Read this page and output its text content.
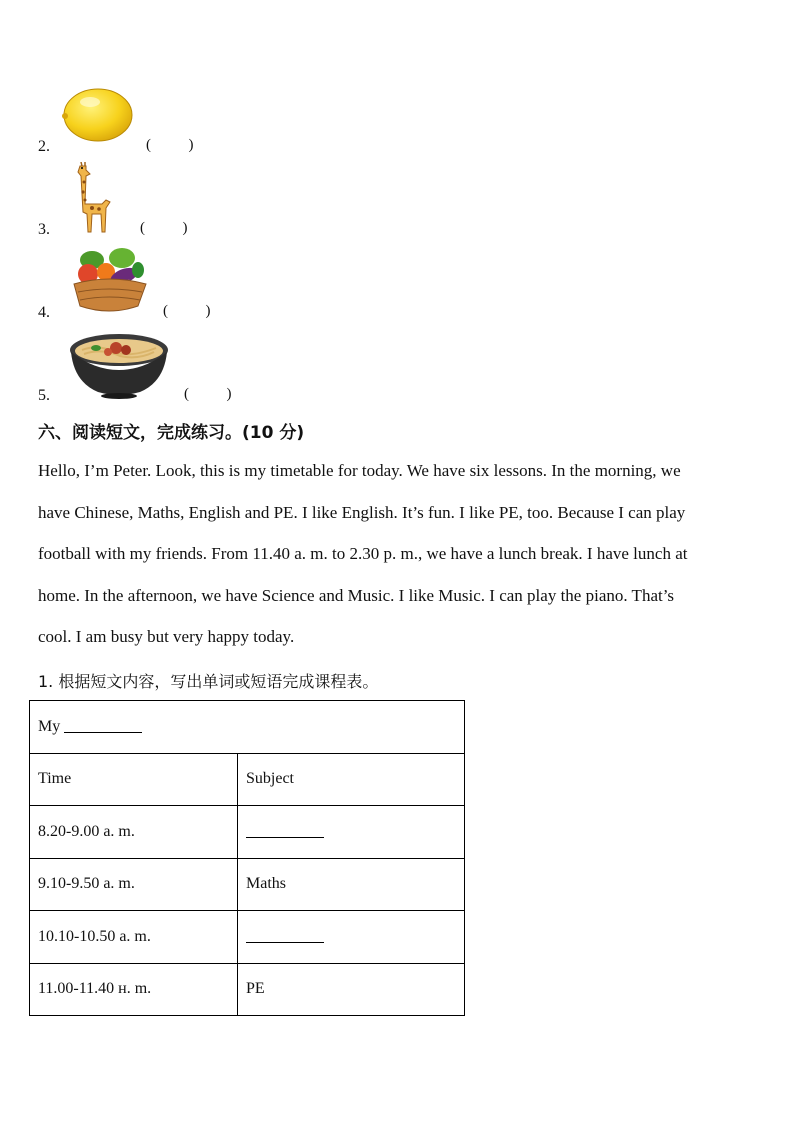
2.	(          )
3.	(          )
4.	(          )
5.	(          )
六、阅读短文，完成练习。(10 分)

Hello, I’m Peter. Look, this is my timetable for today. We have six lessons. In the morning, we

have Chinese, Maths, English and PE. I like English. It’s fun. I like PE, too. Because I can play

football with my friends. From 11.40 a. m. to 2.30 p. m., we have a lunch break. I have lunch at

home. In the afternoon, we have Science and Music. I like Music. I can play the piano. That’s

cool. I am busy but very happy today.

1. 根据短文内容，写出单词或短语完成课程表。
My	
Time	Subject
8.20-9.00 a. m.	
9.10-9.50 a. m.	Maths
10.10-10.50 a. m.	
11.00-11.40 н. m.	PE
